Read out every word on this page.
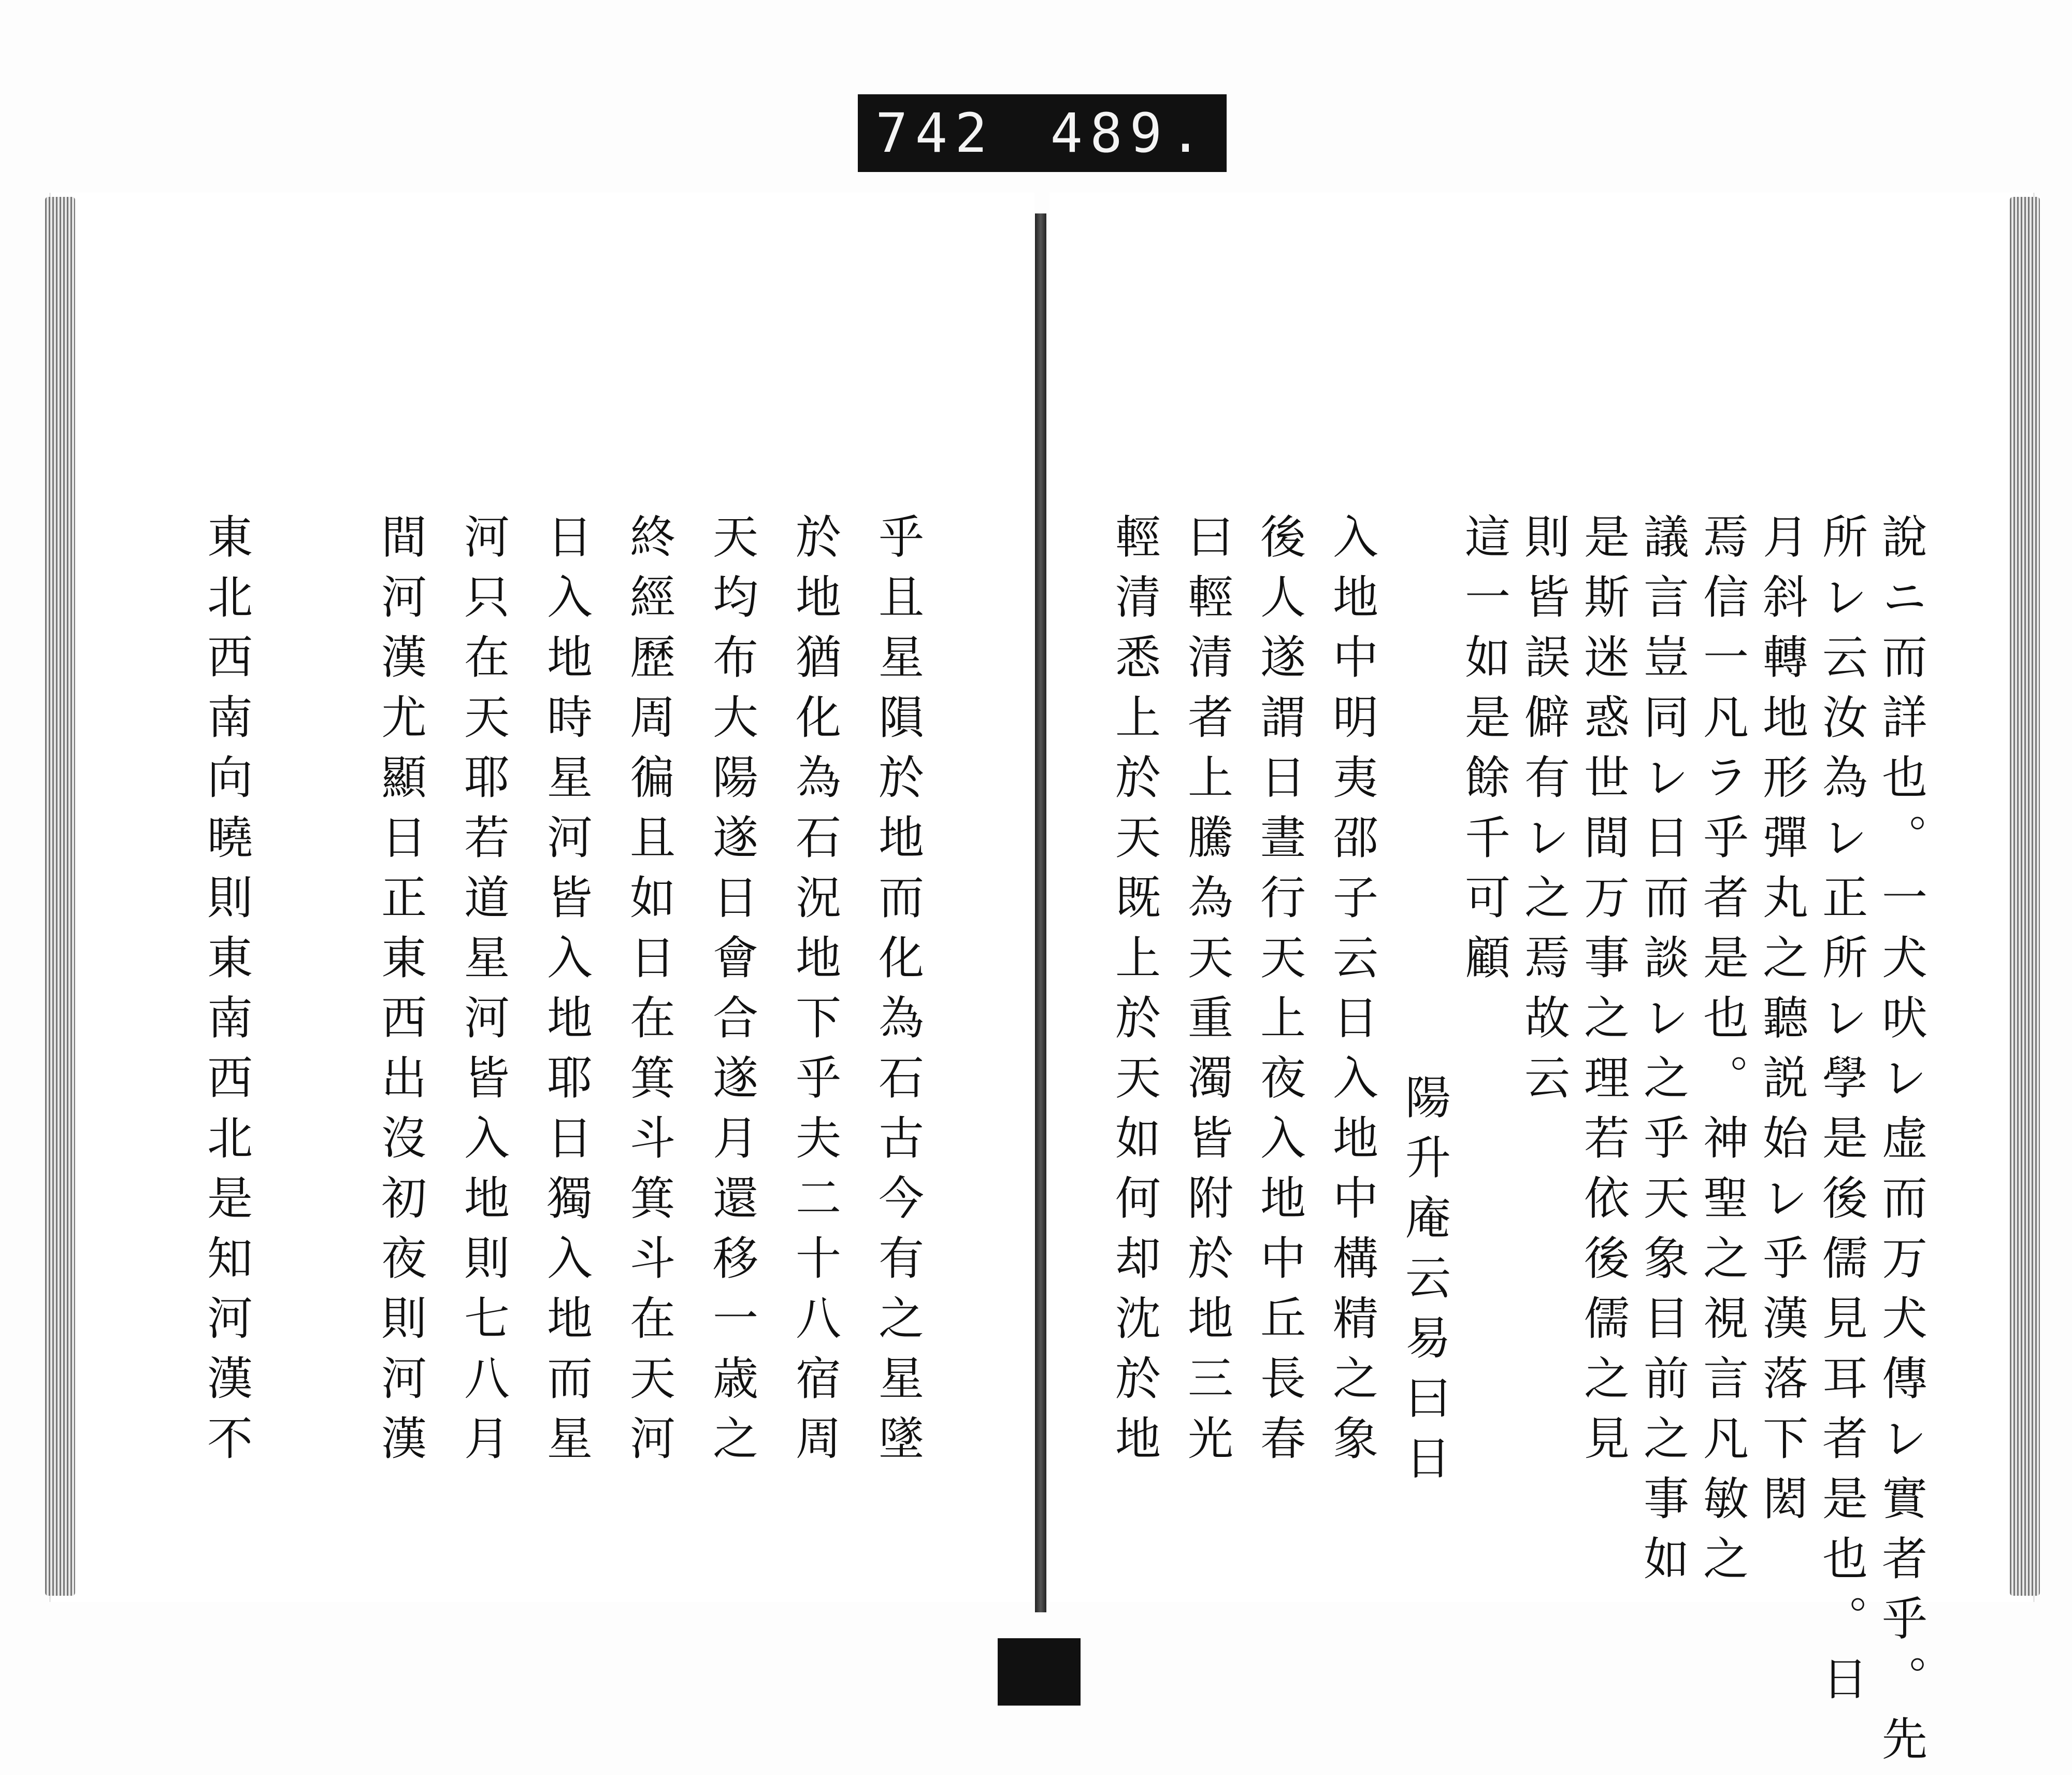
742 489.
乎且星隕於地而化為石古今有之星墜
於地猶化為石況地下乎夫二十八宿周
天均布大陽遂日會合遂月還移一歳之
終經歷周徧且如日在箕斗箕斗在天河
日入地時星河皆入地耶日獨入地而星
河只在天耶若道星河皆入地則七八月
間河漢尤顯日正東西出沒初夜則河漢
東北西南向曉則東南西北是知河漢不	說ニ而詳也。一犬吠レ虚而万犬傳レ實者乎。先
所レ云汝為レ正所レ學是後儒見耳者是也。日
月斜轉地形彈丸之聽説始レ乎漢落下閎
焉信一凡ラ乎者是也。神聖之視言凡敏之
議言豈同レ日而談レ之乎天象目前之事如
是斯迷惑世間万事之理若依後儒之見
則皆誤僻有レ之焉故云
這一如是餘千可顧
陽升庵云易曰日
入地中明夷邵子云日入地中構精之象
後人遂謂日晝行天上夜入地中丘長春
曰輕清者上騰為天重濁皆附於地三光
輕清悉上於天既上於天如何却沈於地
